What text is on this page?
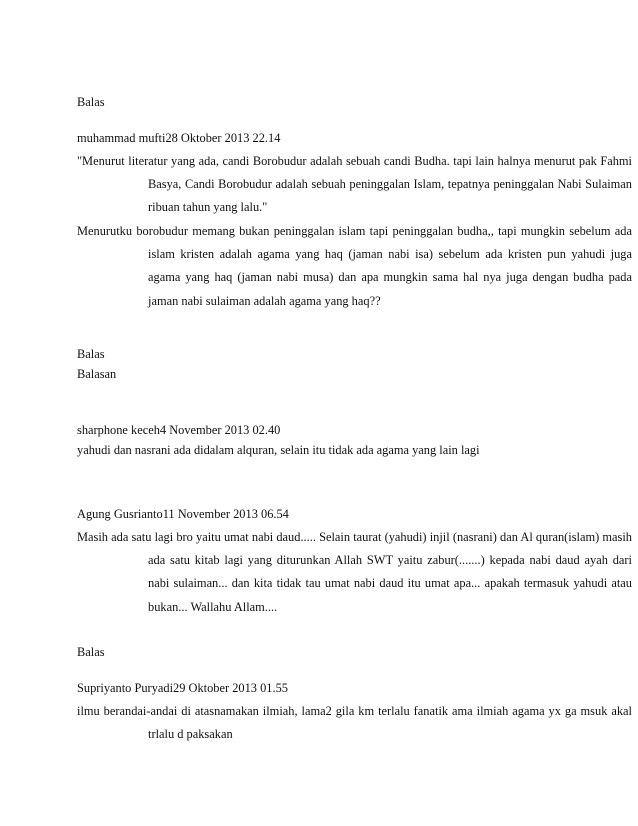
Balas
muhammad mufti28 Oktober 2013 22.14
"Menurut literatur yang ada, candi Borobudur adalah sebuah candi Budha. tapi lain halnya menurut pak Fahmi Basya, Candi Borobudur adalah sebuah peninggalan Islam, tepatnya peninggalan Nabi Sulaiman ribuan tahun yang lalu."
Menurutku borobudur memang bukan peninggalan islam tapi peninggalan budha,, tapi mungkin sebelum ada islam kristen adalah agama yang haq (jaman nabi isa) sebelum ada kristen pun yahudi juga agama yang haq (jaman nabi musa) dan apa mungkin sama hal nya juga dengan budha pada jaman nabi sulaiman adalah agama yang haq??
Balas
Balasan
sharphone keceh4 November 2013 02.40
yahudi dan nasrani ada didalam alquran, selain itu tidak ada agama yang lain lagi
Agung Gusrianto11 November 2013 06.54
Masih ada satu lagi bro yaitu umat nabi daud..... Selain taurat (yahudi) injil (nasrani) dan Al quran(islam) masih ada satu kitab lagi yang diturunkan Allah SWT yaitu zabur(.......) kepada nabi daud ayah dari nabi sulaiman... dan kita tidak tau umat nabi daud itu umat apa... apakah termasuk yahudi atau bukan... Wallahu Allam....
Balas
Supriyanto Puryadi29 Oktober 2013 01.55
ilmu berandai-andai di atasnamakan ilmiah, lama2 gila km terlalu fanatik ama ilmiah agama yx ga msuk akal trlalu d paksakan
